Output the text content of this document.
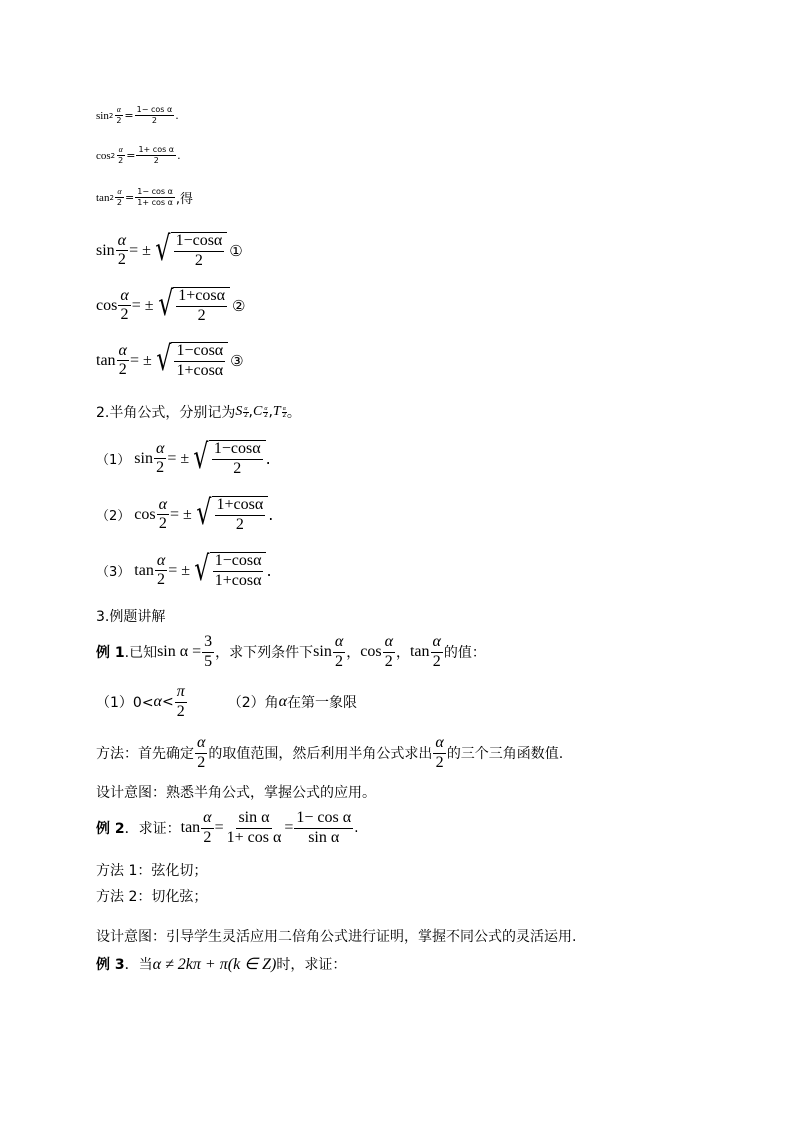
$\sin 2 \frac{\alpha}{2} = \frac{\text{1− cos α}}{2}$ .
$\cos 2 \frac{\alpha}{2} = \frac{\text{1+ cos α}}{2}$ .
$\tan 2 \frac{\alpha}{2} = \frac{\text{1− cos α}}{\text{1+ cos α}}$ ,得
$\sin \frac{\alpha}{2}$ = ± √ $\frac{1-\cos\alpha}{2}$ ①
$\cos \frac{\alpha}{2}$ = ± √ $\frac{1+\cos\alpha}{2}$ ②
$\tan \frac{\alpha}{2}$ = ± √ $\frac{1-\cos\alpha}{1+\cos\alpha}$ ③
2.半角公式，分别记为 S α
2 , C α
2 , T α
2 。
（1） $\sin \frac{\alpha}{2}$ = ± √ $\frac{1-\cos\alpha}{2}$ .
（2） $\cos \frac{\alpha}{2}$ = ± √ $\frac{1+\cos\alpha}{2}$ .
（3） $\tan \frac{\alpha}{2}$ = ± √ $\frac{1-\cos\alpha}{1+\cos\alpha}$ .
3.例题讲解
例 1 .已知 $\sin \alpha = \frac{3}{5}$ ，求下列条件下 $\sin \frac{\alpha}{2}$ ， $\cos \frac{\alpha}{2}$ ， $\tan \frac{\alpha}{2}$ 的值：
$(1)0< \alpha < \frac{\pi}{2}$	（2）角 α 在第一象限
方法：首先确定 $\frac{\alpha}{2}$ 的取值范围，然后利用半角公式求出 $\frac{\alpha}{2}$ 的三个三角函数值.
设计意图：熟悉半角公式，掌握公式的应用。
例 2 ．求证： $\tan \frac{\alpha}{2} = \frac{\text{sin α}}{\text{1+ cos α}} = \frac{\text{1− cos α}}{\text{sin α}}$ .
方法 1：弦化切；
方法 2：切化弦；
设计意图：引导学生灵活应用二倍角公式进行证明，掌握不同公式的灵活运用.
例 3 ．当 α ≠ 2kπ + π(k ∈ Z) 时，求证：
